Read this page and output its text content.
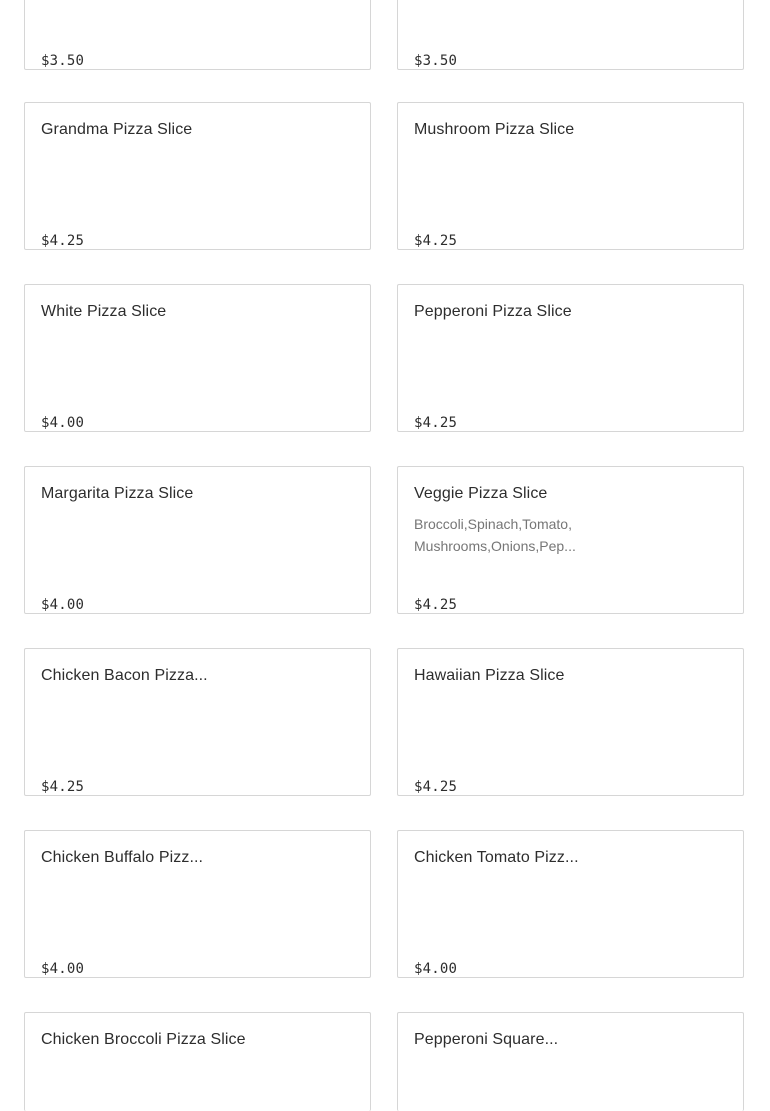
$3.50	$3.50
Grandma Pizza Slice
$4.25
Mushroom Pizza Slice
$4.25
White Pizza Slice
$4.00
Pepperoni Pizza Slice
$4.25
Margarita Pizza Slice
$4.00
Veggie Pizza Slice
Broccoli,Spinach,Tomato, Mushrooms,Onions,Pep...
$4.25
Chicken Bacon Pizza...
$4.25
Hawaiian Pizza Slice
$4.25
Chicken Buffalo Pizz...
$4.00
Chicken Tomato Pizz...
$4.00
Chicken Broccoli Pizza Slice	Pepperoni Square...
